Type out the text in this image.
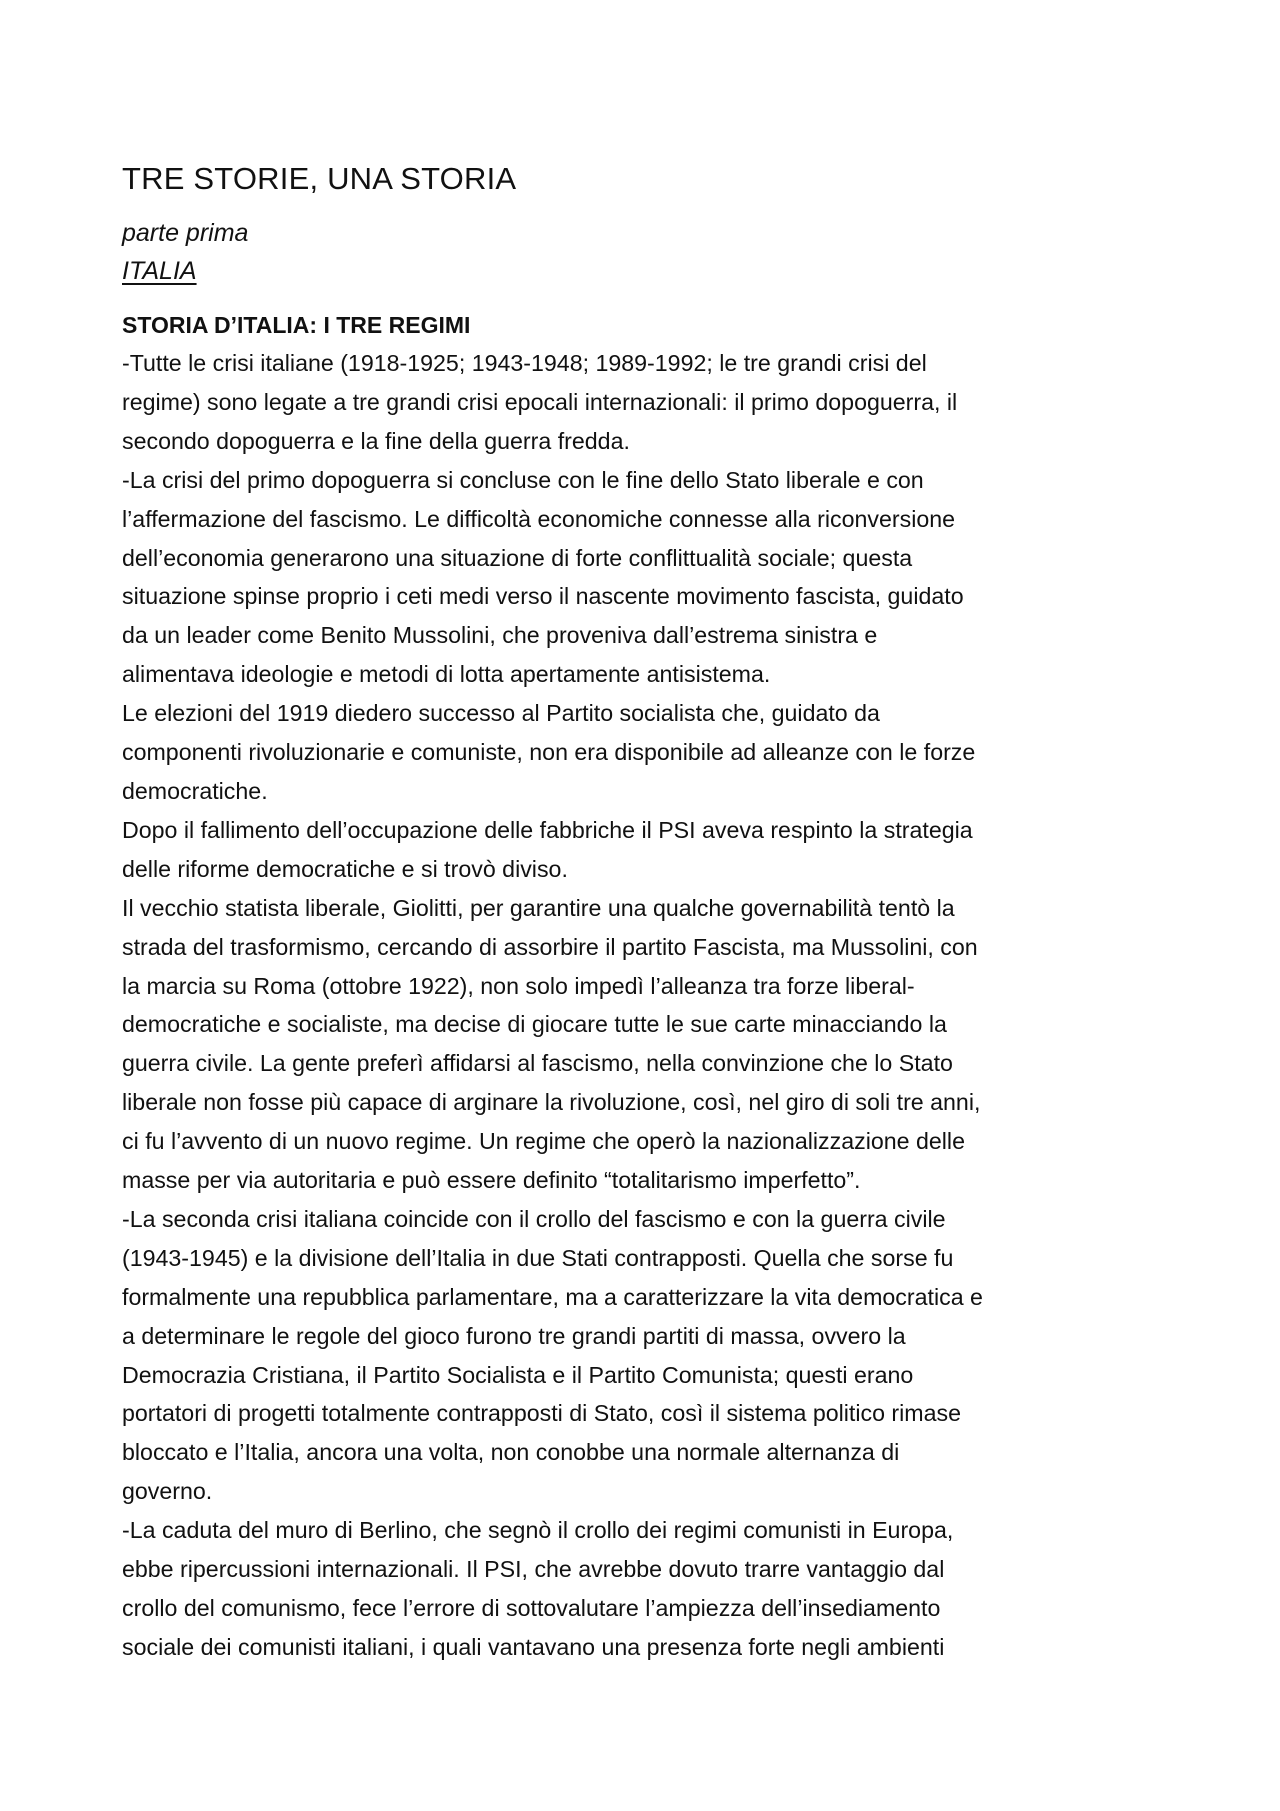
TRE STORIE, UNA STORIA
parte prima
ITALIA
STORIA D’ITALIA: I TRE REGIMI
-Tutte le crisi italiane (1918-1925; 1943-1948; 1989-1992; le tre grandi crisi del
regime) sono legate a tre grandi crisi epocali internazionali: il primo dopoguerra, il
secondo dopoguerra e la fine della guerra fredda.
-La crisi del primo dopoguerra si concluse con le fine dello Stato liberale e con
l’affermazione del fascismo. Le difficoltà economiche connesse alla riconversione
dell’economia generarono una situazione di forte conflittualità sociale; questa
situazione spinse proprio i ceti medi verso il nascente movimento fascista, guidato
da un leader come Benito Mussolini, che proveniva dall’estrema sinistra e
alimentava ideologie e metodi di lotta apertamente antisistema.
Le elezioni del 1919 diedero successo al Partito socialista che, guidato da
componenti rivoluzionarie e comuniste, non era disponibile ad alleanze con le forze
democratiche.
Dopo il fallimento dell’occupazione delle fabbriche il PSI aveva respinto la strategia
delle riforme democratiche e si trovò diviso.
Il vecchio statista liberale, Giolitti, per garantire una qualche governabilità tentò la
strada del trasformismo, cercando di assorbire il partito Fascista, ma Mussolini, con
la marcia su Roma (ottobre 1922), non solo impedì l’alleanza tra forze liberal-
democratiche e socialiste, ma decise di giocare tutte le sue carte minacciando la
guerra civile. La gente preferì affidarsi al fascismo, nella convinzione che lo Stato
liberale non fosse più capace di arginare la rivoluzione, così, nel giro di soli tre anni,
ci fu l’avvento di un nuovo regime. Un regime che operò la nazionalizzazione delle
masse per via autoritaria e può essere definito “totalitarismo imperfetto”.
-La seconda crisi italiana coincide con il crollo del fascismo e con la guerra civile
(1943-1945) e la divisione dell’Italia in due Stati contrapposti. Quella che sorse fu
formalmente una repubblica parlamentare, ma a caratterizzare la vita democratica e
a determinare le regole del gioco furono tre grandi partiti di massa, ovvero la
Democrazia Cristiana, il Partito Socialista e il Partito Comunista; questi erano
portatori di progetti totalmente contrapposti di Stato, così il sistema politico rimase
bloccato e l’Italia, ancora una volta, non conobbe una normale alternanza di
governo.
-La caduta del muro di Berlino, che segnò il crollo dei regimi comunisti in Europa,
ebbe ripercussioni internazionali. Il PSI, che avrebbe dovuto trarre vantaggio dal
crollo del comunismo, fece l’errore di sottovalutare l’ampiezza dell’insediamento
sociale dei comunisti italiani, i quali vantavano una presenza forte negli ambienti
